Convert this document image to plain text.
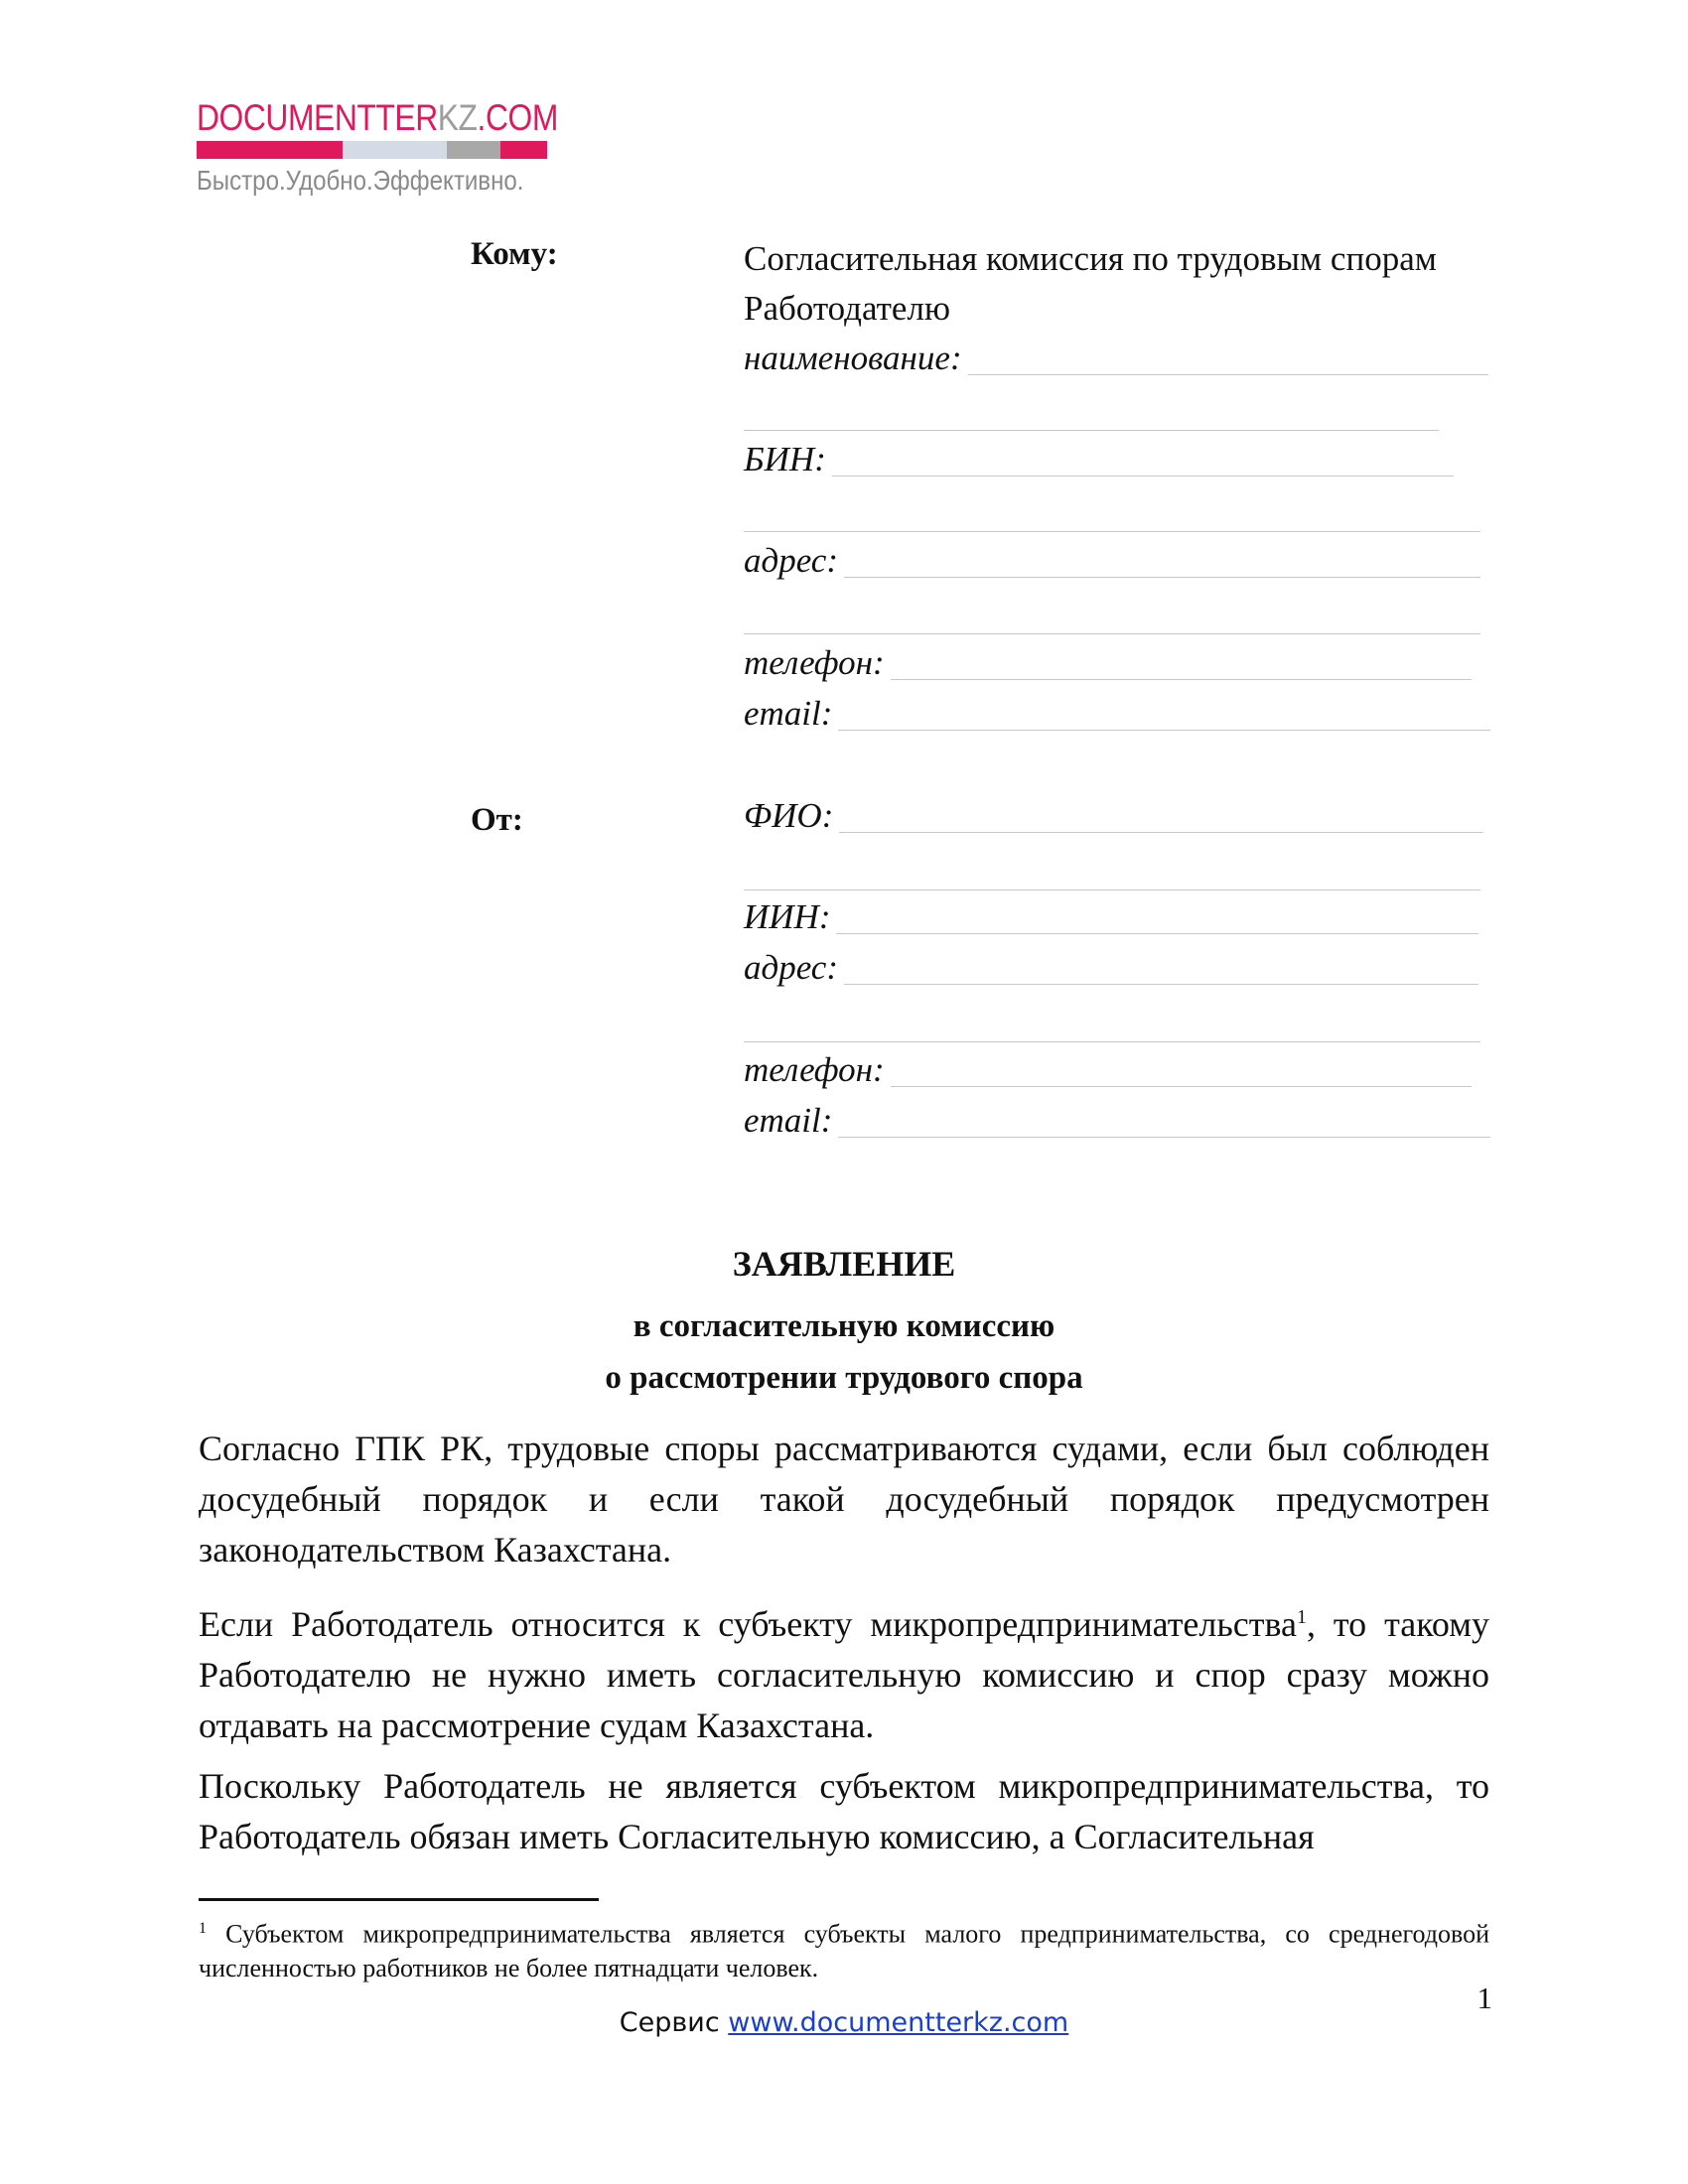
DOCUMENTTERKZ.COM
Быстро.Удобно.Эффективно.
Кому:	Согласительная комиссия по трудовым спорам Работодателю
наименование:
БИН:
адрес:
телефон:
email:
От:	ФИО:
ИИН:
адрес:
телефон:
email:
ЗАЯВЛЕНИЕ
в согласительную комиссию
о рассмотрении трудового спора
Согласно ГПК РК, трудовые споры рассматриваются судами, если был соблюден досудебный порядок и если такой досудебный порядок предусмотрен законодательством Казахстана.
Если Работодатель относится к субъекту микропредпринимательства$^1$, то такому Работодателю не нужно иметь согласительную комиссию и спор сразу можно отдавать на рассмотрение судам Казахстана.
Поскольку Работодатель не является субъектом микропредпринимательства, то Работодатель обязан иметь Согласительную комиссию, а Согласительная
$^1$ Субъектом микропредпринимательства является субъекты малого предпринимательства, со среднегодовой численностью работников не более пятнадцати человек.
1
Сервис www.documentterkz.com
